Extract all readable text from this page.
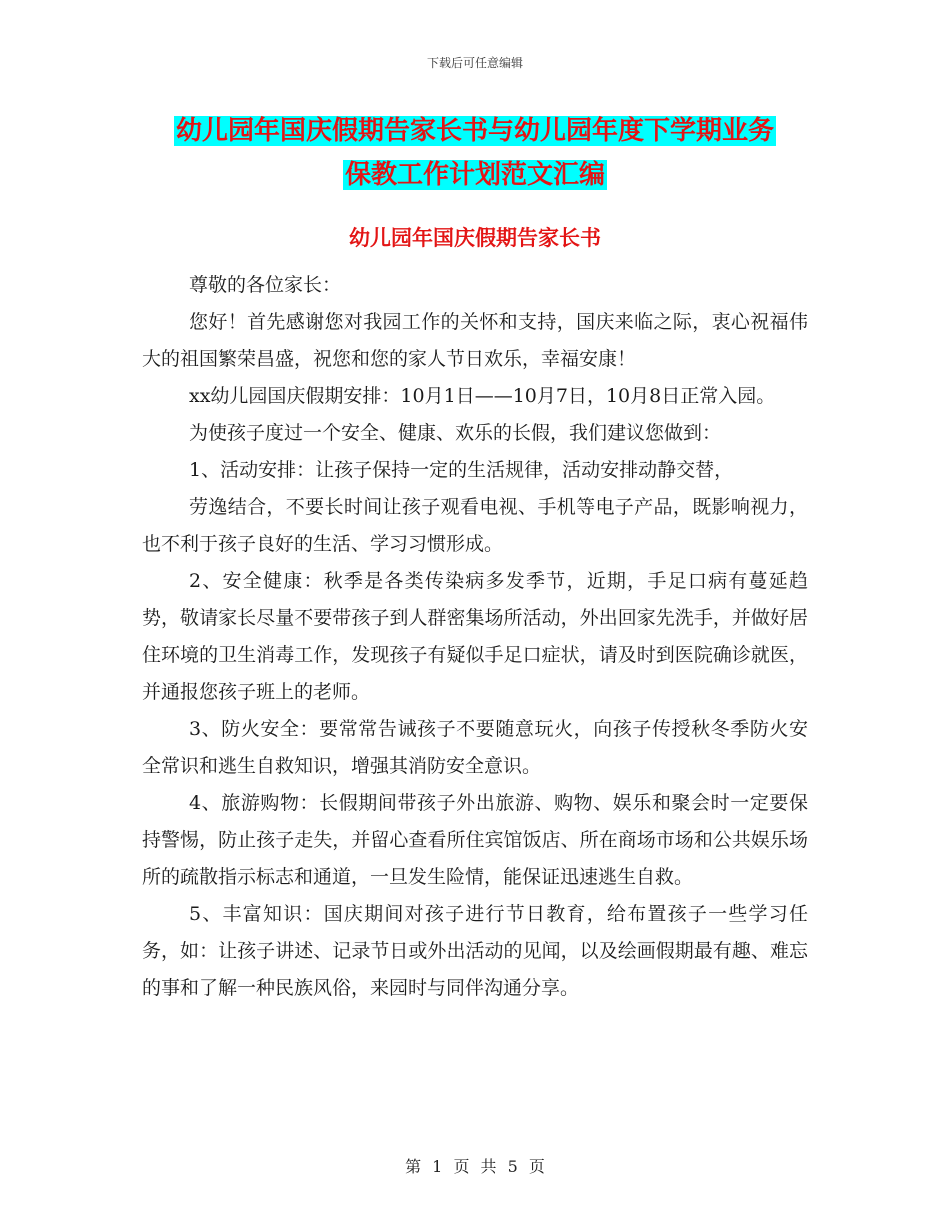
下载后可任意编辑
幼儿园年国庆假期告家长书与幼儿园年度下学期业务
保教工作计划范文汇编
幼儿园年国庆假期告家长书

尊敬的各位家长：

您好！首先感谢您对我园工作的关怀和支持，国庆来临之际，衷心祝福伟大的祖国繁荣昌盛，祝您和您的家人节日欢乐，幸福安康！

xx幼儿园国庆假期安排：10月1日——10月7日，10月8日正常入园。

为使孩子度过一个安全、健康、欢乐的长假，我们建议您做到：

1、活动安排：让孩子保持一定的生活规律，活动安排动静交替，

劳逸结合，不要长时间让孩子观看电视、手机等电子产品，既影响视力，也不利于孩子良好的生活、学习习惯形成。

2、安全健康：秋季是各类传染病多发季节，近期，手足口病有蔓延趋势，敬请家长尽量不要带孩子到人群密集场所活动，外出回家先洗手，并做好居住环境的卫生消毒工作，发现孩子有疑似手足口症状，请及时到医院确诊就医，并通报您孩子班上的老师。

3、防火安全：要常常告诫孩子不要随意玩火，向孩子传授秋冬季防火安全常识和逃生自救知识，增强其消防安全意识。

4、旅游购物：长假期间带孩子外出旅游、购物、娱乐和聚会时一定要保持警惕，防止孩子走失，并留心查看所住宾馆饭店、所在商场市场和公共娱乐场所的疏散指示标志和通道，一旦发生险情，能保证迅速逃生自救。

5、丰富知识：国庆期间对孩子进行节日教育，给布置孩子一些学习任务，如：让孩子讲述、记录节日或外出活动的见闻，以及绘画假期最有趣、难忘的事和了解一种民族风俗，来园时与同伴沟通分享。

第 1 页 共 5 页
